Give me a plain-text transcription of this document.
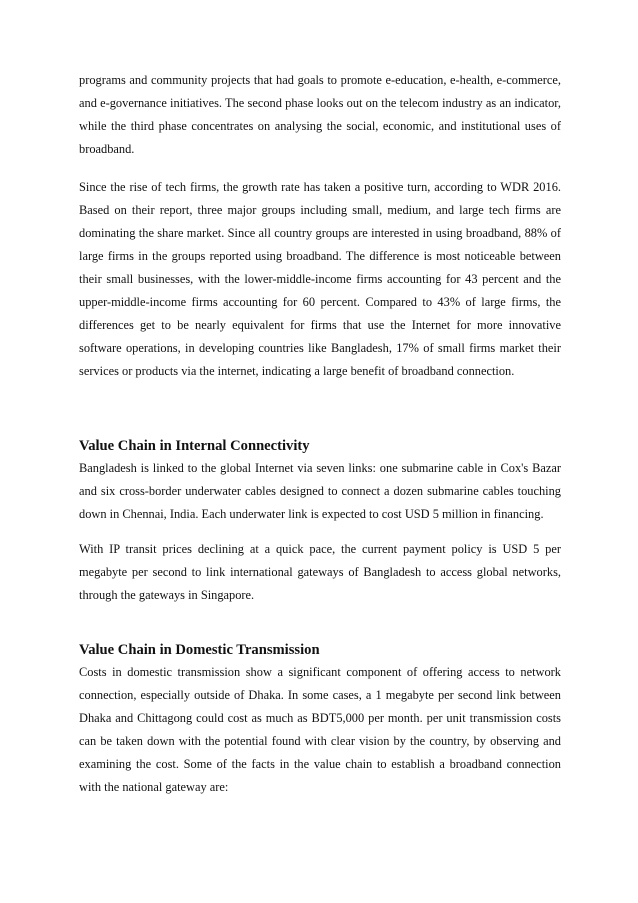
programs and community projects that had goals to promote e-education, e-health, e-commerce, and e-governance initiatives. The second phase looks out on the telecom industry as an indicator, while the third phase concentrates on analysing the social, economic, and institutional uses of broadband.

Since the rise of tech firms, the growth rate has taken a positive turn, according to WDR 2016. Based on their report, three major groups including small, medium, and large tech firms are dominating the share market. Since all country groups are interested in using broadband, 88% of large firms in the groups reported using broadband. The difference is most noticeable between their small businesses, with the lower-middle-income firms accounting for 43 percent and the upper-middle-income firms accounting for 60 percent. Compared to 43% of large firms, the differences get to be nearly equivalent for firms that use the Internet for more innovative software operations, in developing countries like Bangladesh, 17% of small firms market their services or products via the internet, indicating a large benefit of broadband connection.

Value Chain in Internal Connectivity

Bangladesh is linked to the global Internet via seven links: one submarine cable in Cox's Bazar and six cross-border underwater cables designed to connect a dozen submarine cables touching down in Chennai, India. Each underwater link is expected to cost USD 5 million in financing.

With IP transit prices declining at a quick pace, the current payment policy is USD 5 per megabyte per second to link international gateways of Bangladesh to access global networks, through the gateways in Singapore.

Value Chain in Domestic Transmission

Costs in domestic transmission show a significant component of offering access to network connection, especially outside of Dhaka. In some cases, a 1 megabyte per second link between Dhaka and Chittagong could cost as much as BDT5,000 per month. per unit transmission costs can be taken down with the potential found with clear vision by the country, by observing and examining the cost. Some of the facts in the value chain to establish a broadband connection with the national gateway are:
